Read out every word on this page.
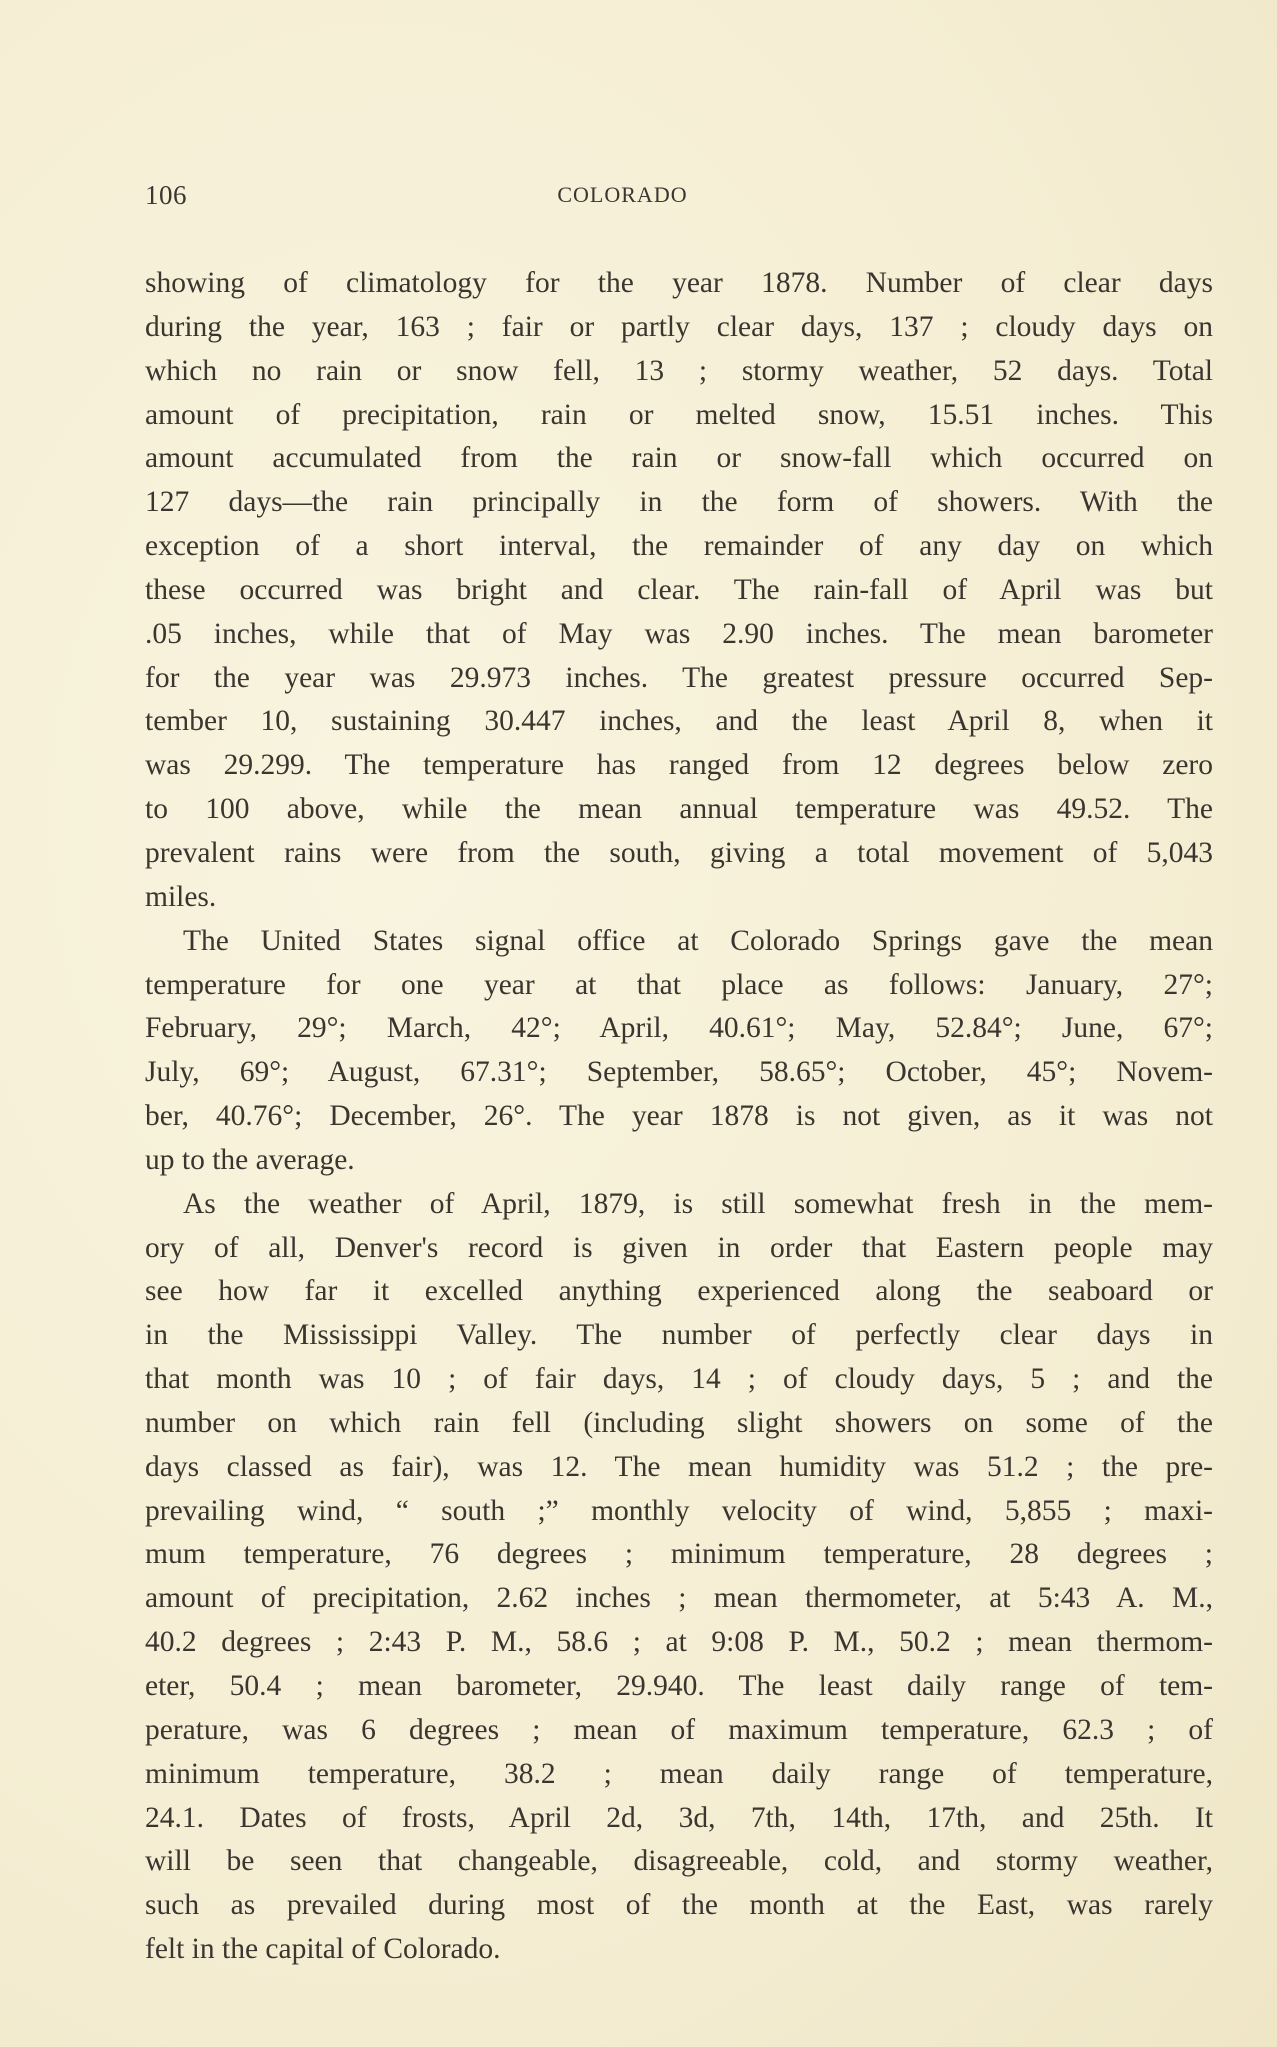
106	COLORADO
showing of climatology for the year 1878. Number of clear days
during the year, 163 ; fair or partly clear days, 137 ; cloudy days on
which no rain or snow fell, 13 ; stormy weather, 52 days. Total
amount of precipitation, rain or melted snow, 15.51 inches. This
amount accumulated from the rain or snow-fall which occurred on
127 days—the rain principally in the form of showers. With the
exception of a short interval, the remainder of any day on which
these occurred was bright and clear. The rain-fall of April was but
.05 inches, while that of May was 2.90 inches. The mean barometer
for the year was 29.973 inches. The greatest pressure occurred Sep-
tember 10, sustaining 30.447 inches, and the least April 8, when it
was 29.299. The temperature has ranged from 12 degrees below zero
to 100 above, while the mean annual temperature was 49.52. The
prevalent rains were from the south, giving a total movement of 5,043
miles.
The United States signal office at Colorado Springs gave the mean
temperature for one year at that place as follows: January, 27°;
February, 29°; March, 42°; April, 40.61°; May, 52.84°; June, 67°;
July, 69°; August, 67.31°; September, 58.65°; October, 45°; Novem-
ber, 40.76°; December, 26°. The year 1878 is not given, as it was not
up to the average.
As the weather of April, 1879, is still somewhat fresh in the mem-
ory of all, Denver's record is given in order that Eastern people may
see how far it excelled anything experienced along the seaboard or
in the Mississippi Valley. The number of perfectly clear days in
that month was 10 ; of fair days, 14 ; of cloudy days, 5 ; and the
number on which rain fell (including slight showers on some of the
days classed as fair), was 12. The mean humidity was 51.2 ; the pre-
prevailing wind, “ south ;” monthly velocity of wind, 5,855 ; maxi-
mum temperature, 76 degrees ; minimum temperature, 28 degrees ;
amount of precipitation, 2.62 inches ; mean thermometer, at 5:43 A. M.,
40.2 degrees ; 2:43 P. M., 58.6 ; at 9:08 P. M., 50.2 ; mean thermom-
eter, 50.4 ; mean barometer, 29.940. The least daily range of tem-
perature, was 6 degrees ; mean of maximum temperature, 62.3 ; of
minimum temperature, 38.2 ; mean daily range of temperature,
24.1. Dates of frosts, April 2d, 3d, 7th, 14th, 17th, and 25th. It
will be seen that changeable, disagreeable, cold, and stormy weather,
such as prevailed during most of the month at the East, was rarely
felt in the capital of Colorado.
